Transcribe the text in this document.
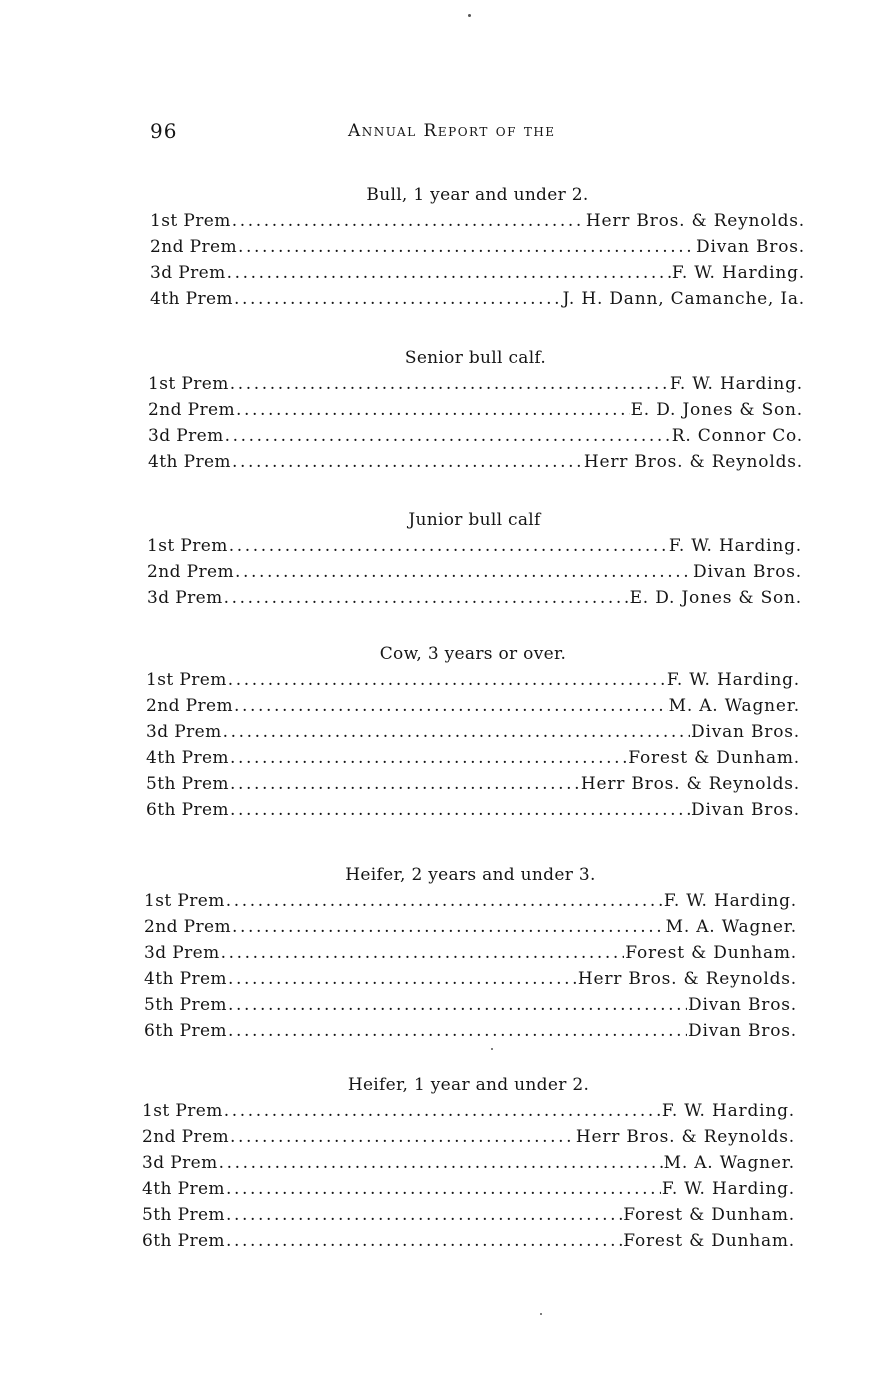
96	Annual Report of the
Bull, 1 year and under 2.
1st Prem .....	Herr Bros. & Reynolds.
2nd Prem .....	Divan Bros.
3d Prem .....	F. W. Harding.
4th Prem .....	J. H. Dann, Camanche, Ia.
Senior bull calf.
1st Prem .....	F. W. Harding.
2nd Prem .....	E. D. Jones & Son.
3d Prem .....	R. Connor Co.
4th Prem .....	Herr Bros. & Reynolds.
Junior bull calf
1st Prem .....	F. W. Harding.
2nd Prem .....	Divan Bros.
3d Prem .....	E. D. Jones & Son.
Cow, 3 years or over.
1st Prem .....	F. W. Harding.
2nd Prem .....	M. A. Wagner.
3d Prem .....	Divan Bros.
4th Prem .....	Forest & Dunham.
5th Prem .....	Herr Bros. & Reynolds.
6th Prem .....	Divan Bros.
Heifer, 2 years and under 3.
1st Prem .....	F. W. Harding.
2nd Prem .....	M. A. Wagner.
3d Prem .....	Forest & Dunham.
4th Prem .....	Herr Bros. & Reynolds.
5th Prem .....	Divan Bros.
6th Prem .....	Divan Bros.
Heifer, 1 year and under 2.
1st Prem .....	F. W. Harding.
2nd Prem .....	Herr Bros. & Reynolds.
3d Prem .....	M. A. Wagner.
4th Prem .....	F. W. Harding.
5th Prem .....	Forest & Dunham.
6th Prem .....	Forest & Dunham.
